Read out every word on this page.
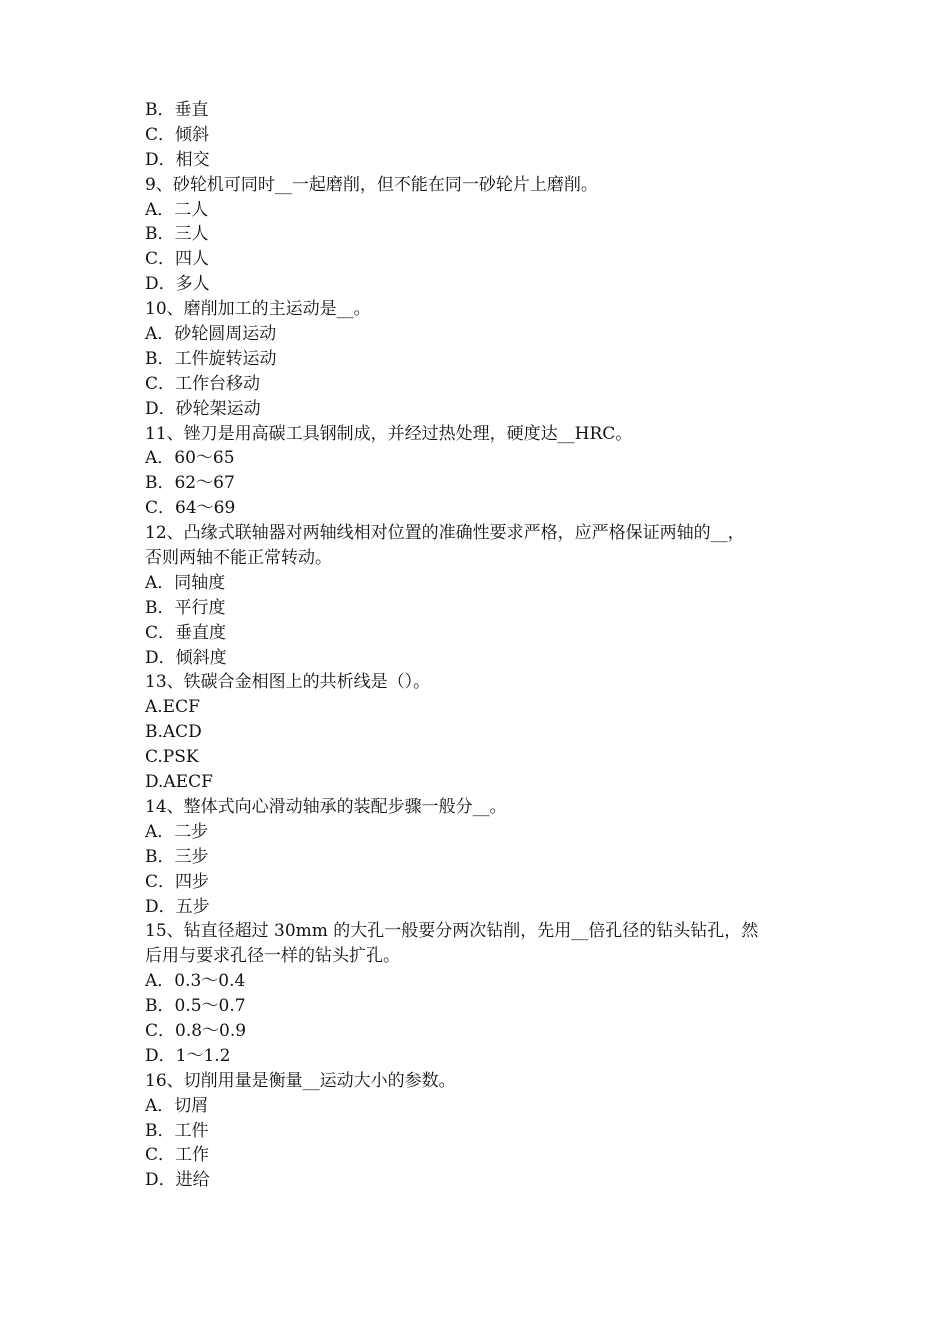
B．垂直
C．倾斜
D．相交
9、砂轮机可同时__一起磨削，但不能在同一砂轮片上磨削。
A．二人
B．三人
C．四人
D．多人
10、磨削加工的主运动是__。
A．砂轮圆周运动
B．工件旋转运动
C．工作台移动
D．砂轮架运动
11、锉刀是用高碳工具钢制成，并经过热处理，硬度达__HRC。
A．60～65
B．62～67
C．64～69
12、凸缘式联轴器对两轴线相对位置的准确性要求严格，应严格保证两轴的__，
否则两轴不能正常转动。
A．同轴度
B．平行度
C．垂直度
D．倾斜度
13、铁碳合金相图上的共析线是（）。
A.ECF
B.ACD
C.PSK
D.AECF
14、整体式向心滑动轴承的装配步骤一般分__。
A．二步
B．三步
C．四步
D．五步
15、钻直径超过 30mm 的大孔一般要分两次钻削，先用__倍孔径的钻头钻孔，然
后用与要求孔径一样的钻头扩孔。
A．0.3～0.4
B．0.5～0.7
C．0.8～0.9
D．1～1.2
16、切削用量是衡量__运动大小的参数。
A．切屑
B．工件
C．工作
D．进给
